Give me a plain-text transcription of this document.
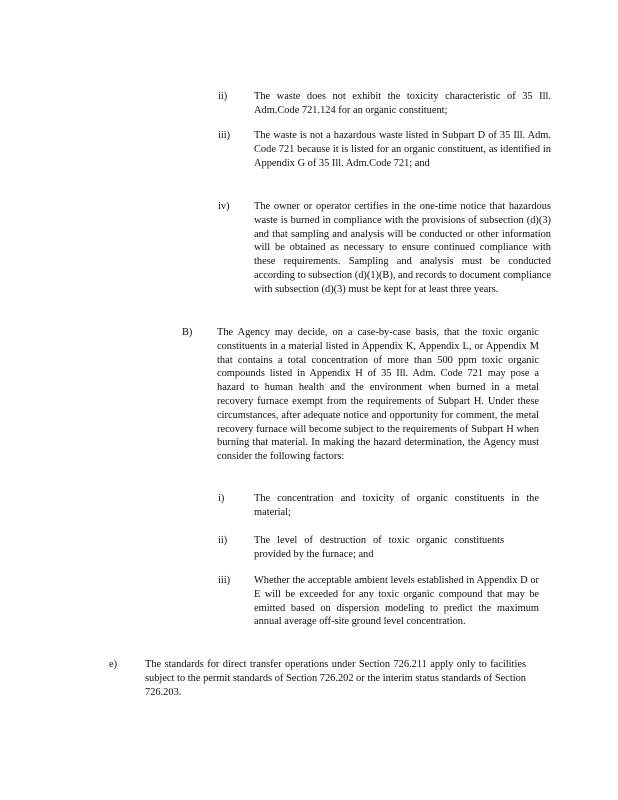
ii)	The waste does not exhibit the toxicity characteristic of 35 Ill. Adm.Code 721.124 for an organic constituent;
iii) The waste is not a hazardous waste listed in Subpart D of 35 Ill. Adm. Code 721 because it is listed for an organic constituent, as identified in Appendix G of 35 Ill. Adm.Code 721; and
iv) The owner or operator certifies in the one-time notice that hazardous waste is burned in compliance with the provisions of subsection (d)(3) and that sampling and analysis will be conducted or other information will be obtained as necessary to ensure continued compliance with these requirements. Sampling and analysis must be conducted according to subsection (d)(1)(B), and records to document compliance with subsection (d)(3) must be kept for at least three years.
B) The Agency may decide, on a case-by-case basis, that the toxic organic constituents in a material listed in Appendix K, Appendix L, or Appendix M that contains a total concentration of more than 500 ppm toxic organic compounds listed in Appendix H of 35 Ill. Adm. Code 721 may pose a hazard to human health and the environment when burned in a metal recovery furnace exempt from the requirements of Subpart H. Under these circumstances, after adequate notice and opportunity for comment, the metal recovery furnace will become subject to the requirements of Subpart H when burning that material. In making the hazard determination, the Agency must consider the following factors:
i)	The concentration and toxicity of organic constituents in the material;
ii)	The level of destruction of toxic organic constituents provided by the furnace; and
iii) Whether the acceptable ambient levels established in Appendix D or E will be exceeded for any toxic organic compound that may be emitted based on dispersion modeling to predict the maximum annual average off-site ground level concentration.
e)	The standards for direct transfer operations under Section 726.211 apply only to facilities subject to the permit standards of Section 726.202 or the interim status standards of Section 726.203.
